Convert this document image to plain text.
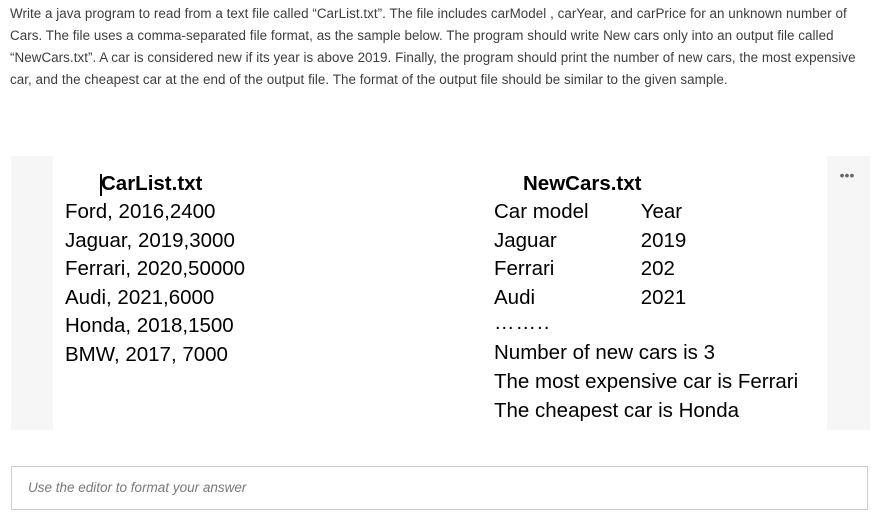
Write a java program to read from a text file called “CarList.txt”. The file includes carModel , carYear, and carPrice for an unknown number of Cars. The file uses a comma-separated file format, as the sample below. The program should write New cars only into an output file called “NewCars.txt”. A car is considered new if its year is above 2019. Finally, the program should print the number of new cars, the most expensive car, and the cheapest car at the end of the output file. The format of the output file should be similar to the given sample.

•••
CarList.txt
Ford, 2016,2400
Jaguar, 2019,3000
Ferrari, 2020,50000
Audi, 2021,6000
Honda, 2018,1500
BMW, 2017, 7000
NewCars.txt
Car model	Year
Jaguar	2019
Ferrari	202
Audi	2021
……..
Number of new cars is 3
The most expensive car is Ferrari
The cheapest car is Honda
Use the editor to format your answer
